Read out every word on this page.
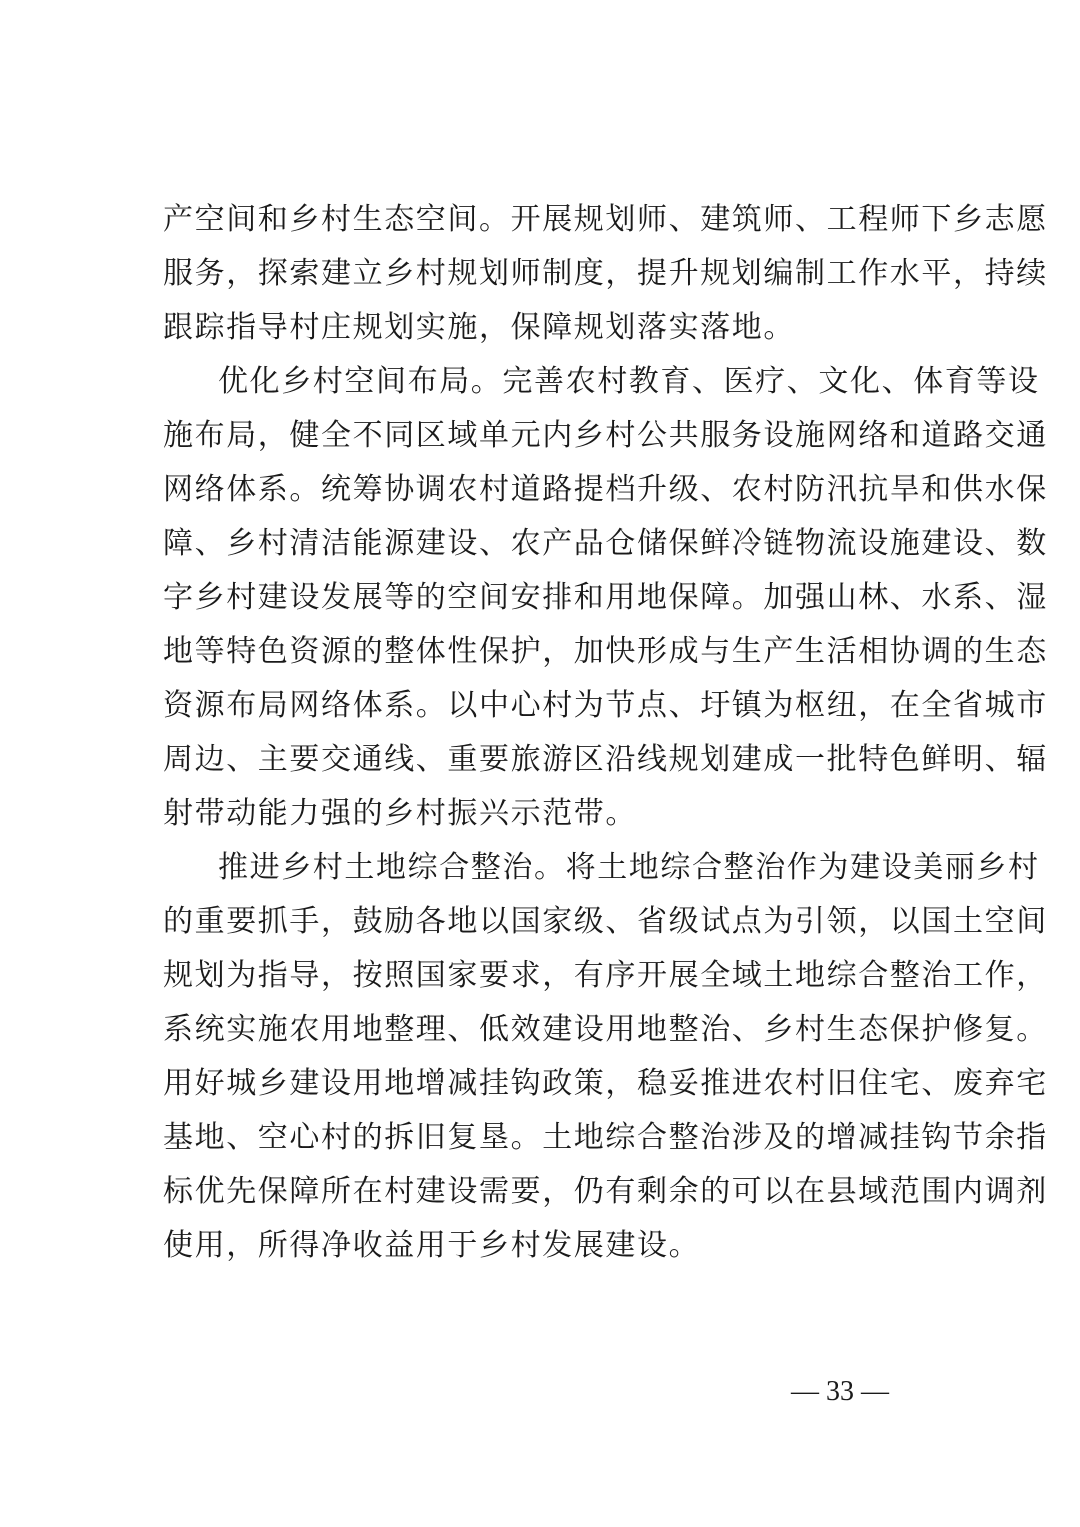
产空间和乡村生态空间。开展规划师、建筑师、工程师下乡志愿
服务，探索建立乡村规划师制度，提升规划编制工作水平，持续
跟踪指导村庄规划实施，保障规划落实落地。
优化乡村空间布局。完善农村教育、医疗、文化、体育等设
施布局，健全不同区域单元内乡村公共服务设施网络和道路交通
网络体系。统筹协调农村道路提档升级、农村防汛抗旱和供水保
障、乡村清洁能源建设、农产品仓储保鲜冷链物流设施建设、数
字乡村建设发展等的空间安排和用地保障。加强山林、水系、湿
地等特色资源的整体性保护，加快形成与生产生活相协调的生态
资源布局网络体系。以中心村为节点、圩镇为枢纽，在全省城市
周边、主要交通线、重要旅游区沿线规划建成一批特色鲜明、辐
射带动能力强的乡村振兴示范带。
推进乡村土地综合整治。将土地综合整治作为建设美丽乡村
的重要抓手，鼓励各地以国家级、省级试点为引领，以国土空间
规划为指导，按照国家要求，有序开展全域土地综合整治工作，
系统实施农用地整理、低效建设用地整治、乡村生态保护修复。
用好城乡建设用地增减挂钩政策，稳妥推进农村旧住宅、废弃宅
基地、空心村的拆旧复垦。土地综合整治涉及的增减挂钩节余指
标优先保障所在村建设需要，仍有剩余的可以在县域范围内调剂
使用，所得净收益用于乡村发展建设。
— 33 —
